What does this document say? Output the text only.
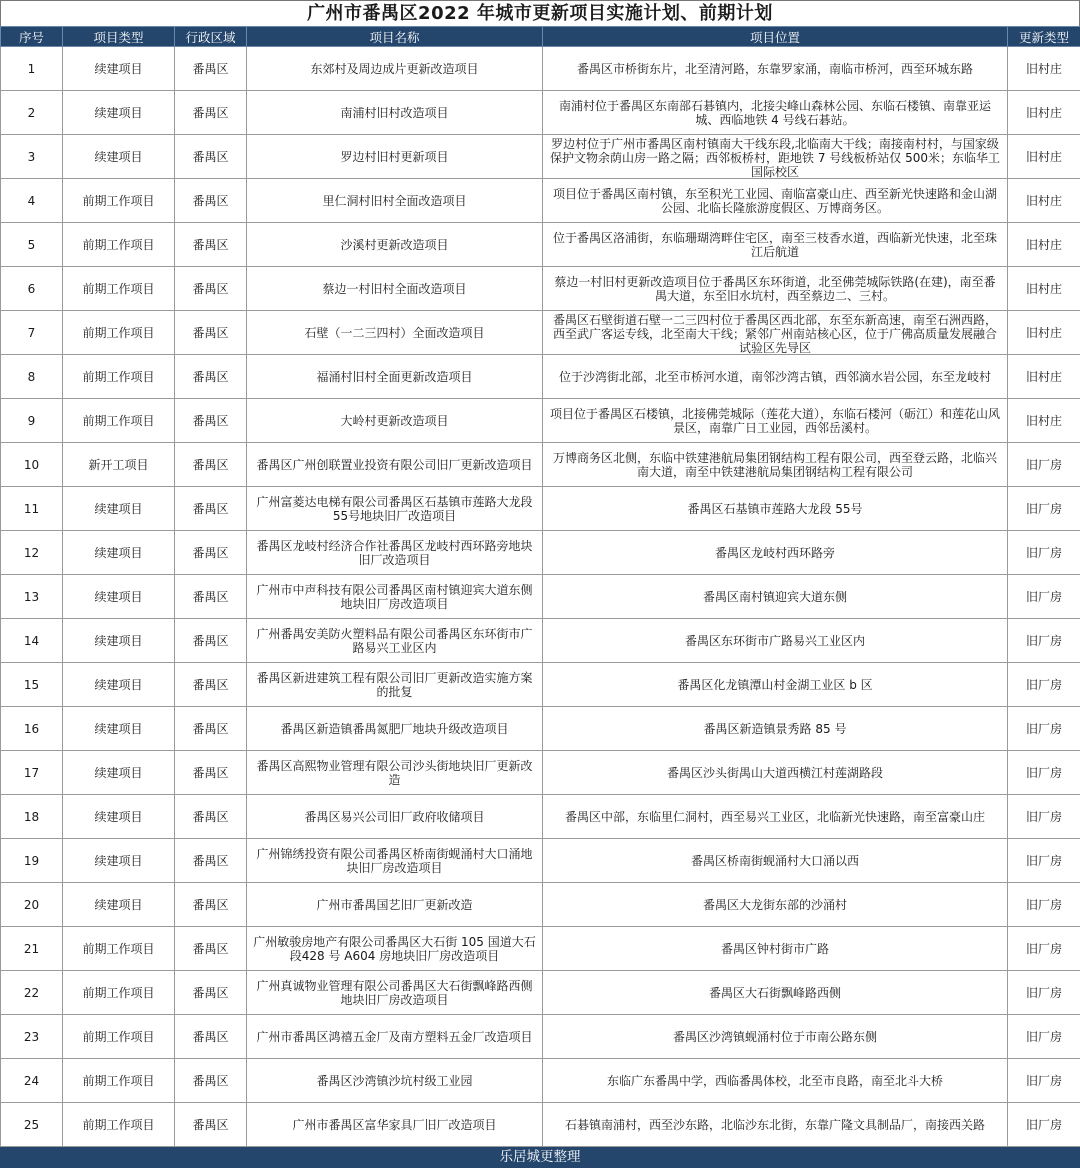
广州市番禺区2022 年城市更新项目实施计划、前期计划
序号	项目类型	行政区域	项目名称	项目位置	更新类型

1	续建项目	番禺区	东郊村及周边成片更新改造项目	番禺区市桥街东片，北至清河路，东靠罗家涌，南临市桥河，西至环城东路	旧村庄

2	续建项目	番禺区	南浦村旧村改造项目	南浦村位于番禺区东南部石碁镇内，北接尖峰山森林公园、东临石楼镇、南靠亚运城、西临地铁 4 号线石碁站。	旧村庄

3	续建项目	番禺区	罗边村旧村更新项目	罗边村位于广州市番禺区南村镇南大干线东段,北临南大干线；南接南村村，与国家级保护文物余荫山房一路之隔；西邻板桥村，距地铁 7 号线板桥站仅 500米；东临华工国际校区	旧村庄

4	前期工作项目	番禺区	里仁洞村旧村全面改造项目	项目位于番禺区南村镇，东至积光工业园、南临富豪山庄、西至新光快速路和金山湖公园、北临长隆旅游度假区、万博商务区。	旧村庄

5	前期工作项目	番禺区	沙溪村更新改造项目	位于番禺区洛浦街，东临珊瑚湾畔住宅区，南至三枝香水道，西临新光快速，北至珠江后航道	旧村庄

6	前期工作项目	番禺区	蔡边一村旧村全面改造项目	蔡边一村旧村更新改造项目位于番禺区东环街道，北至佛莞城际铁路(在建)，南至番禺大道，东至旧水坑村，西至蔡边二、三村。	旧村庄

7	前期工作项目	番禺区	石壁（一二三四村）全面改造项目	番禺区石壁街道石壁一二三四村位于番禺区西北部，东至东新高速，南至石洲西路，西至武广客运专线，北至南大干线；紧邻广州南站核心区，位于广佛高质量发展融合试验区先导区	旧村庄

8	前期工作项目	番禺区	福涌村旧村全面更新改造项目	位于沙湾街北部，北至市桥河水道，南邻沙湾古镇，西邻滴水岩公园，东至龙岐村	旧村庄

9	前期工作项目	番禺区	大岭村更新改造项目	项目位于番禺区石楼镇，北接佛莞城际（莲花大道），东临石楼河（砺江）和莲花山风景区，南靠广日工业园，西邻岳溪村。	旧村庄

10	新开工项目	番禺区	番禺区广州创联置业投资有限公司旧厂更新改造项目	万博商务区北侧，东临中铁建港航局集团钢结构工程有限公司，西至登云路，北临兴南大道，南至中铁建港航局集团钢结构工程有限公司	旧厂房

11	续建项目	番禺区	广州富菱达电梯有限公司番禺区石基镇市莲路大龙段55号地块旧厂改造项目	番禺区石基镇市莲路大龙段 55号	旧厂房

12	续建项目	番禺区	番禺区龙岐村经济合作社番禺区龙岐村西环路旁地块旧厂改造项目	番禺区龙岐村西环路旁	旧厂房

13	续建项目	番禺区	广州市中声科技有限公司番禺区南村镇迎宾大道东侧地块旧厂房改造项目	番禺区南村镇迎宾大道东侧	旧厂房

14	续建项目	番禺区	广州番禺安美防火塑料品有限公司番禺区东环街市广路易兴工业区内	番禺区东环街市广路易兴工业区内	旧厂房

15	续建项目	番禺区	番禺区新进建筑工程有限公司旧厂更新改造实施方案的批复	番禺区化龙镇潭山村金湖工业区 b 区	旧厂房

16	续建项目	番禺区	番禺区新造镇番禺氮肥厂地块升级改造项目	番禺区新造镇景秀路 85 号	旧厂房

17	续建项目	番禺区	番禺区高熙物业管理有限公司沙头街地块旧厂更新改造	番禺区沙头街禺山大道西横江村莲湖路段	旧厂房

18	续建项目	番禺区	番禺区易兴公司旧厂政府收储项目	番禺区中部，东临里仁洞村，西至易兴工业区，北临新光快速路，南至富豪山庄	旧厂房

19	续建项目	番禺区	广州锦绣投资有限公司番禺区桥南街蚬涌村大口涌地块旧厂房改造项目	番禺区桥南街蚬涌村大口涌以西	旧厂房

20	续建项目	番禺区	广州市番禺国艺旧厂更新改造	番禺区大龙街东部的沙涌村	旧厂房

21	前期工作项目	番禺区	广州敏骏房地产有限公司番禺区大石街 105 国道大石段428 号 A604 房地块旧厂房改造项目	番禺区钟村街市广路	旧厂房

22	前期工作项目	番禺区	广州真诚物业管理有限公司番禺区大石街飘峰路西侧地块旧厂房改造项目	番禺区大石街飘峰路西侧	旧厂房

23	前期工作项目	番禺区	广州市番禺区鸿禧五金厂及南方塑料五金厂改造项目	番禺区沙湾镇蚬涌村位于市南公路东侧	旧厂房

24	前期工作项目	番禺区	番禺区沙湾镇沙坑村级工业园	东临广东番禺中学，西临番禺体校，北至市良路，南至北斗大桥	旧厂房

25	前期工作项目	番禺区	广州市番禺区富华家具厂旧厂改造项目	石碁镇南浦村，西至沙东路，北临沙东北街，东靠广隆文具制品厂，南接西关路	旧厂房
乐居城更整理
